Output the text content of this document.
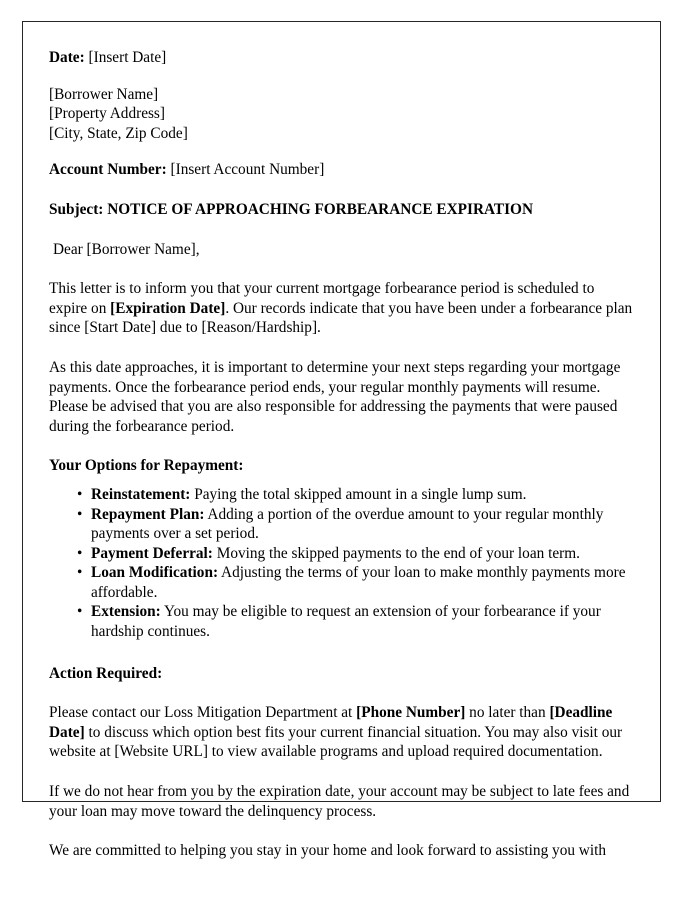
Date: [Insert Date]
[Borrower Name]
[Property Address]
[City, State, Zip Code]
Account Number: [Insert Account Number]
Subject: NOTICE OF APPROACHING FORBEARANCE EXPIRATION
Dear [Borrower Name],

This letter is to inform you that your current mortgage forbearance period is scheduled to expire on [Expiration Date]. Our records indicate that you have been under a forbearance plan since [Start Date] due to [Reason/Hardship].

As this date approaches, it is important to determine your next steps regarding your mortgage payments. Once the forbearance period ends, your regular monthly payments will resume. Please be advised that you are also responsible for addressing the payments that were paused during the forbearance period.

Your Options for Repayment:
• Reinstatement: Paying the total skipped amount in a single lump sum.
• Repayment Plan: Adding a portion of the overdue amount to your regular monthly payments over a set period.
• Payment Deferral: Moving the skipped payments to the end of your loan term.
• Loan Modification: Adjusting the terms of your loan to make monthly payments more affordable.
• Extension: You may be eligible to request an extension of your forbearance if your hardship continues.
Action Required:

Please contact our Loss Mitigation Department at [Phone Number] no later than [Deadline Date] to discuss which option best fits your current financial situation. You may also visit our website at [Website URL] to view available programs and upload required documentation.

If we do not hear from you by the expiration date, your account may be subject to late fees and your loan may move toward the delinquency process.

We are committed to helping you stay in your home and look forward to assisting you with
